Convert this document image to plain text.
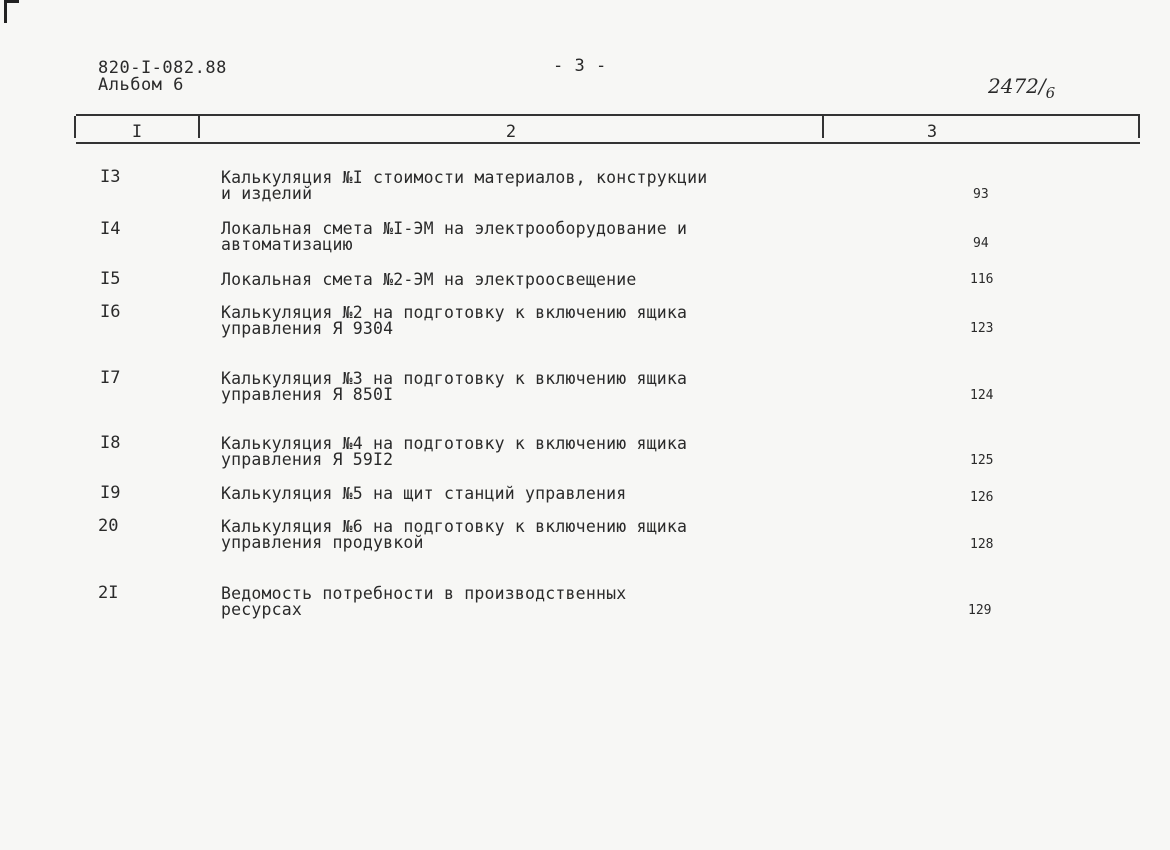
820-I-082.88
Альбом 6
- 3 -
$2472/_6$
I	2	3
I3	Калькуляция №I стоимости материалов, конструкции
и изделий	93
I4	Локальная смета №I-ЭМ на электрооборудование и
автоматизацию	94
I5	Локальная смета №2-ЭМ на электроосвещение	116
I6	Калькуляция №2 на подготовку к включению ящика
управления Я 9304	123
I7	Калькуляция №3 на подготовку к включению ящика
управления Я 850I	124
I8	Калькуляция №4 на подготовку к включению ящика
управления Я 59I2	125
I9	Калькуляция №5 на щит станций управления	126
20	Калькуляция №6 на подготовку к включению ящика
управления продувкой	128
2I	Ведомость потребности в производственных
ресурсах	129
